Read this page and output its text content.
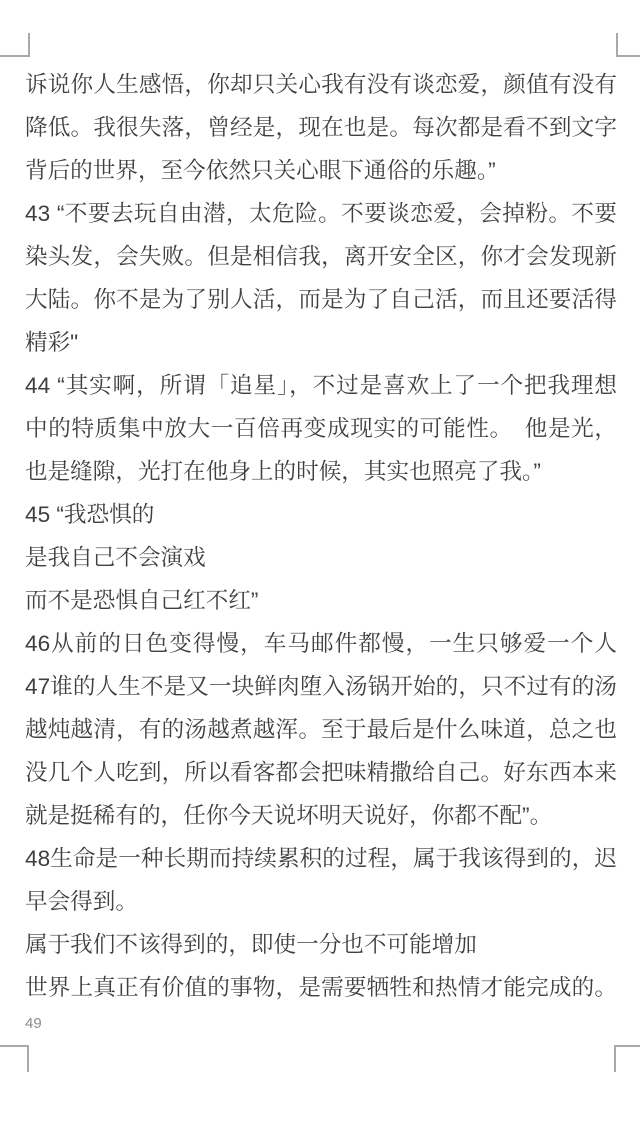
诉说你人生感悟，你却只关心我有没有谈恋爱，颜值有没有
降低。我很失落，曾经是，现在也是。每次都是看不到文字
背后的世界，至今依然只关心眼下通俗的乐趣。”
43 “不要去玩自由潜，太危险。不要谈恋爱，会掉粉。不要
染头发，会失败。但是相信我，离开安全区，你才会发现新
大陆。你不是为了别人活，而是为了自己活，而且还要活得
精彩"
44 “其实啊，所谓「追星」，不过是喜欢上了一个把我理想
中的特质集中放大一百倍再变成现实的可能性。　他是光，
也是缝隙，光打在他身上的时候，其实也照亮了我。”
45 “我恐惧的
是我自己不会演戏
而不是恐惧自己红不红”
46从前的日色变得慢，车马邮件都慢，一生只够爱一个人
47谁的人生不是又一块鲜肉堕入汤锅开始的，只不过有的汤
越炖越清，有的汤越煮越浑。至于最后是什么味道，总之也
没几个人吃到，所以看客都会把味精撒给自己。好东西本来
就是挺稀有的，任你今天说坏明天说好，你都不配”。
48生命是一种长期而持续累积的过程，属于我该得到的，迟
早会得到。
属于我们不该得到的，即使一分也不可能增加
世界上真正有价值的事物，是需要牺牲和热情才能完成的。
49
